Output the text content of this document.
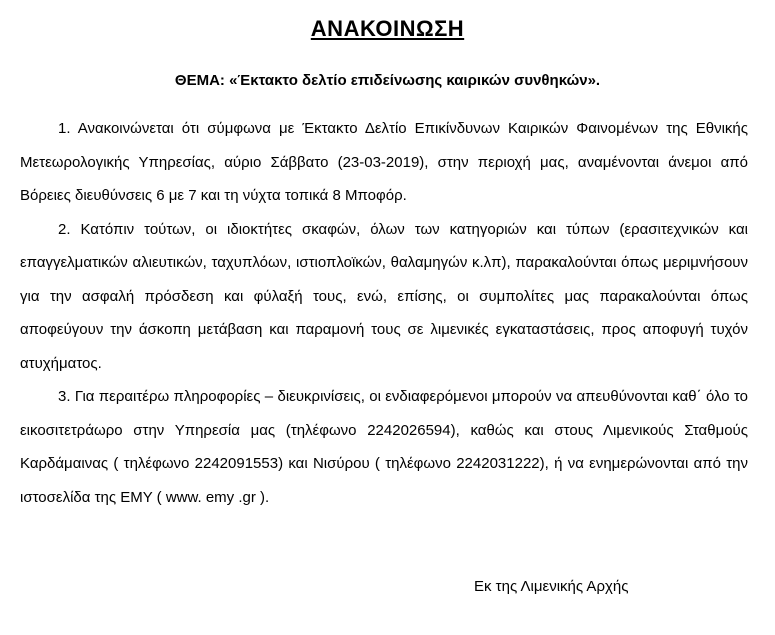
ΑΝΑΚΟΙΝΩΣΗ
ΘΕΜΑ: «Έκτακτο δελτίο επιδείνωσης καιρικών συνθηκών».

1. Ανακοινώνεται ότι σύμφωνα με Έκτακτο Δελτίο Επικίνδυνων Καιρικών Φαινομένων της Εθνικής Μετεωρολογικής Υπηρεσίας, αύριο Σάββατο (23-03-2019), στην περιοχή μας, αναμένονται άνεμοι από Βόρειες διευθύνσεις 6 με 7 και τη νύχτα τοπικά 8 Μποφόρ.

2. Κατόπιν τούτων, οι ιδιοκτήτες σκαφών, όλων των κατηγοριών και τύπων (ερασιτεχνικών και επαγγελματικών αλιευτικών, ταχυπλόων, ιστιοπλοϊκών, θαλαμηγών κ.λπ), παρακαλούνται όπως μεριμνήσουν για την ασφαλή πρόσδεση και φύλαξή τους, ενώ, επίσης, οι συμπολίτες μας παρακαλούνται όπως αποφεύγουν την άσκοπη μετάβαση και παραμονή τους σε λιμενικές εγκαταστάσεις, προς αποφυγή τυχόν ατυχήματος.

3. Για περαιτέρω πληροφορίες – διευκρινίσεις, οι ενδιαφερόμενοι μπορούν να απευθύνονται καθ΄ όλο το εικοσιτετράωρο στην Υπηρεσία μας (τηλέφωνο 2242026594), καθώς και στους Λιμενικούς Σταθμούς Καρδάμαινας ( τηλέφωνο 2242091553) και Νισύρου ( τηλέφωνο 2242031222), ή να ενημερώνονται από την ιστοσελίδα της ΕΜΥ ( www. emy .gr ).

Εκ της Λιμενικής Αρχής
